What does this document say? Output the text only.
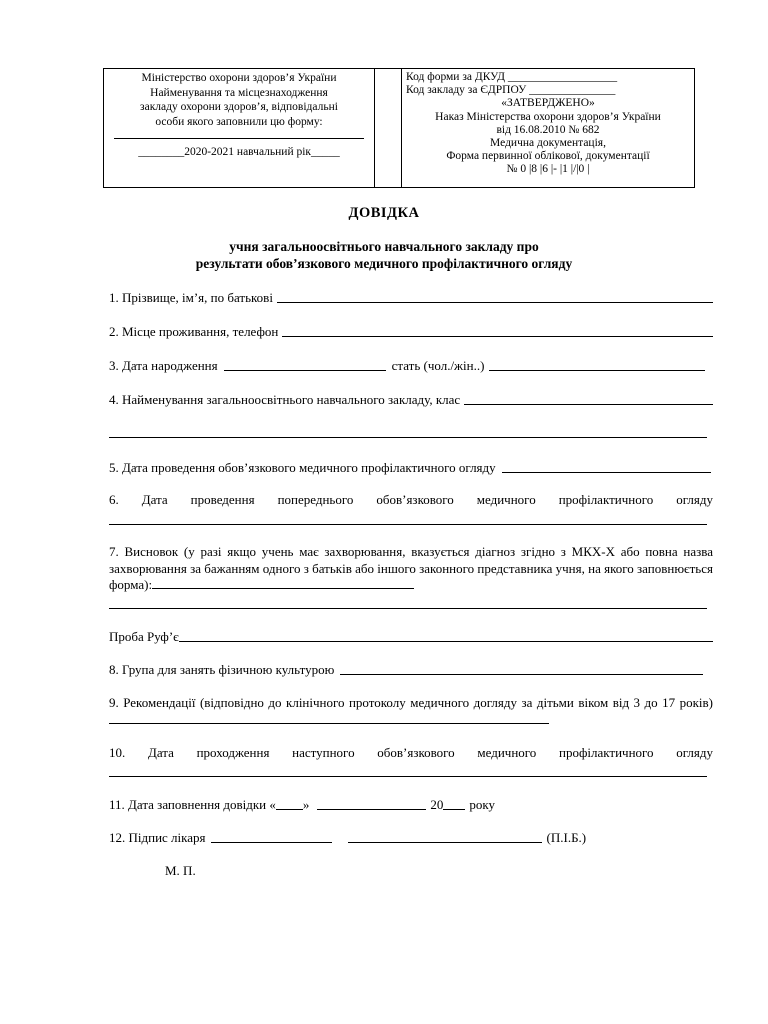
Міністерство охорони здоров’я України
Найменування та місцезнаходження
закладу охорони здоров’я, відповідальні
особи якого заповнили цю форму:
________2020-2021 навчальний рік_____

Код форми за ДКУД ___________________
Код закладу за ЄДРПОУ _______________
«ЗАТВЕРДЖЕНО»
Наказ Міністерства охорони здоров’я України
від 16.08.2010 № 682
Медична документація,
Форма первинної облікової, документації
№ 0 |8 |6 |- |1 |/|0 |
ДОВІДКА
учня загальноосвітнього навчального закладу про
результати обов’язкового медичного профілактичного огляду
1. Прізвище, ім’я, по батькові
2. Місце проживання, телефон
3. Дата народження	стать (чол./жін..)
4. Найменування загальноосвітнього навчального закладу, клас
5. Дата проведення обов’язкового медичного профілактичного огляду
6. Дата проведення попереднього обов’язкового медичного профілактичного огляду
7. Висновок (у разі якщо учень має захворювання, вказується діагноз згідно з МКХ-Х або повна назва захворювання за бажанням одного з батьків або іншого законного представника учня, на якого заповнюється форма):
Проба Руф’є
8. Група для занять фізичною культурою
9. Рекомендації (відповідно до клінічного протоколу медичного догляду за дітьми віком від 3 до 17 років)
10. Дата проходження наступного обов’язкового медичного профілактичного огляду
11. Дата заповнення довідки « »	20 року
12. Підпис лікаря	(П.І.Б.)
М. П.
